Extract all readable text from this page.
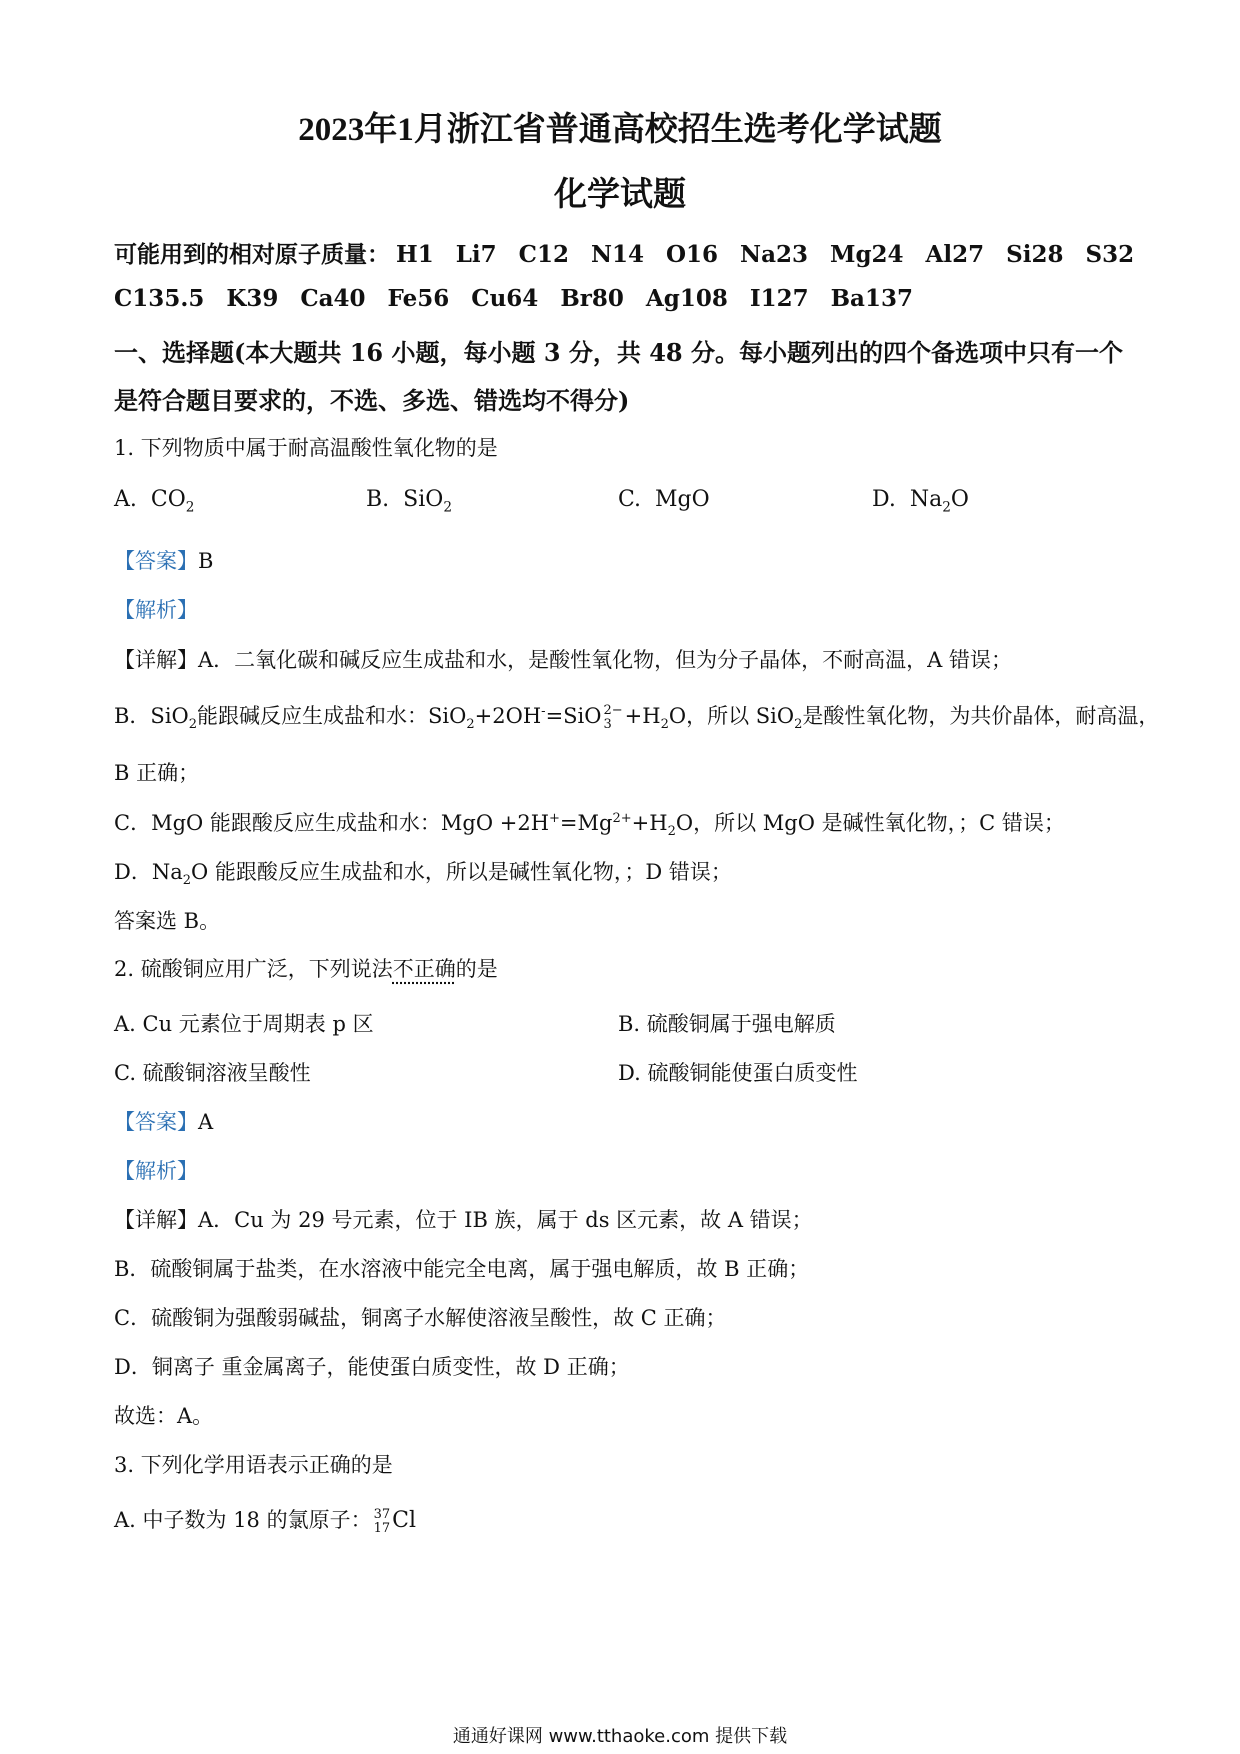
2023年1月浙江省普通高校招生选考化学试题
化学试题
可能用到的相对原子质量： H1 Li7 C12 N14 O16 Na23 Mg24 Al27 Si28 S32
C135.5 K39 Ca40 Fe56 Cu64 Br80 Ag108 I127 Ba137
一、选择题(本大题共 16 小题，每小题 3 分，共 48 分。每小题列出的四个备选项中只有一个
是符合题目要求的，不选、多选、错选均不得分)
1. 下列物质中属于耐高温酸性氧化物的是
A.  $CO_2$	B.  SiO$_2$	C.  MgO	D.  $Na_2O$
【答案】B
【解析】
【详解】A．二氧化碳和碱反应生成盐和水，是酸性氧化物，但为分子晶体，不耐高温，A 错误；
B．SiO$_2$能跟碱反应生成盐和水：SiO$_2$+2OH-=SiO 2−
$3 +H_2O$，所以 SiO$_2$是酸性氧化物，为共价晶体，耐高温，
B 正确；
C．MgO 能跟酸反应生成盐和水：MgO $+2H^+=Mg^{2+}+H_2O$，所以 MgO 是碱性氧化物，；C 错误；
D．$Na_2O$ 能跟酸反应生成盐和水，所以是碱性氧化物，；D 错误；
答案选 B。
2. 硫酸铜应用广泛，下列说法不正确的是
A. Cu 元素位于周期表 p 区	B. 硫酸铜属于强电解质
C. 硫酸铜溶液呈酸性	D. 硫酸铜能使蛋白质变性
【答案】A
【解析】
【详解】A．Cu 为 29 号元素，位于 IB 族，属于 ds 区元素，故 A 错误；
B．硫酸铜属于盐类，在水溶液中能完全电离，属于强电解质，故 B 正确；
C．硫酸铜为强酸弱碱盐，铜离子水解使溶液呈酸性，故 C 正确；
D．铜离子 重金属离子，能使蛋白质变性，故 D 正确；
故选：A。
3. 下列化学用语表示正确的是
A. 中子数为 18 的氯原子： 37
17 Cl
通通好课网 www.tthaoke.com 提供下载
